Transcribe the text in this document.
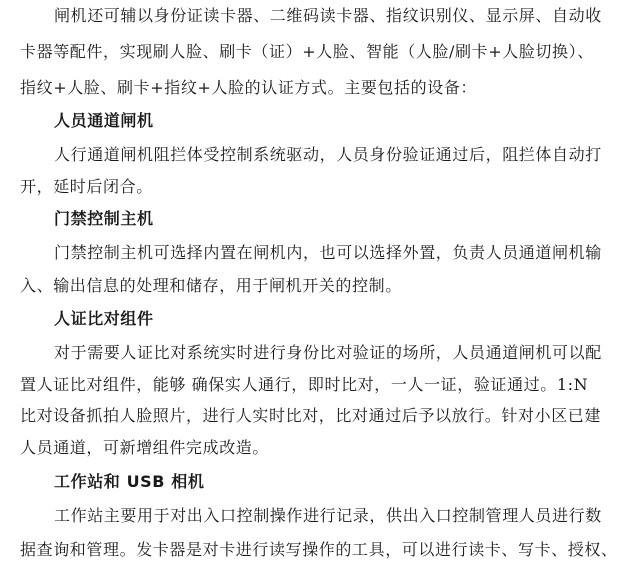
闸机还可辅以身份证读卡器、二维码读卡器、指纹识别仪、显示屏、自动收
卡器等配件，实现刷人脸、刷卡（证）+人脸、智能（人脸/刷卡+人脸切换）、
指纹+人脸、刷卡+指纹+人脸的认证方式。主要包括的设备：
人员通道闸机
人行通道闸机阻拦体受控制系统驱动，人员身份验证通过后，阻拦体自动打
开，延时后闭合。
门禁控制主机
门禁控制主机可选择内置在闸机内，也可以选择外置，负责人员通道闸机输
入、输出信息的处理和储存，用于闸机开关的控制。
人证比对组件
对于需要人证比对系统实时进行身份比对验证的场所，人员通道闸机可以配
置人证比对组件，能够 确保实人通行，即时比对，一人一证，验证通过。1:N
比对设备抓拍人脸照片，进行人实时比对，比对通过后予以放行。针对小区已建
人员通道，可新增组件完成改造。
工作站和 USB 相机
工作站主要用于对出入口控制操作进行记录，供出入口控制管理人员进行数
据查询和管理。发卡器是对卡进行读写操作的工具，可以进行读卡、写卡、授权、
